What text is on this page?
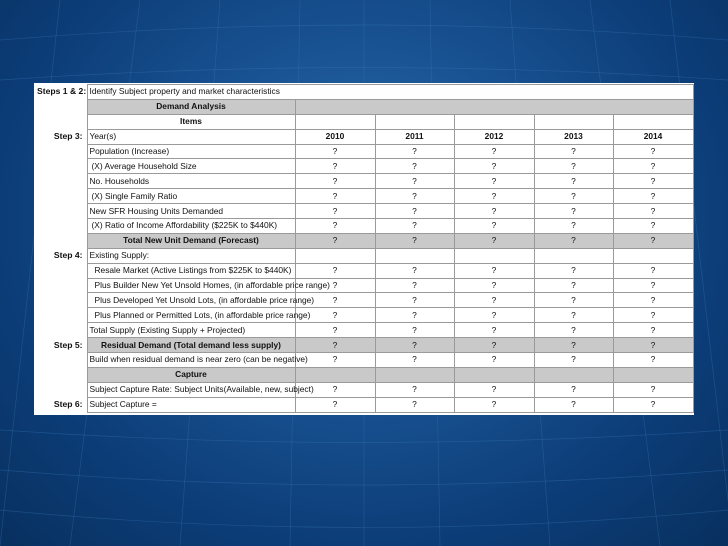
Steps 1 & 2:	Identify Subject property and market characteristics					
	Demand Analysis					
	Items					
Step 3:	Year(s)	2010	2011	2012	2013	2014
	Population (Increase)	?	?	?	?	?
	(X) Average Household Size	?	?	?	?	?
	No. Households	?	?	?	?	?
	(X) Single Family Ratio	?	?	?	?	?
	New SFR Housing Units Demanded	?	?	?	?	?
	(X) Ratio of Income Affordability ($225K to $440K)	?	?	?	?	?
	Total New Unit Demand (Forecast)	?	?	?	?	?
Step 4:	Existing Supply:					
	Resale Market (Active Listings from $225K to $440K)	?	?	?	?	?
	Plus Builder New Yet Unsold Homes, (in affordable price range)	?	?	?	?	?
	Plus Developed Yet Unsold Lots, (in affordable price range)	?	?	?	?	?
	Plus Planned or Permitted Lots, (in affordable price range)	?	?	?	?	?
	Total Supply (Existing Supply + Projected)	?	?	?	?	?
Step 5:	Residual Demand (Total demand less supply)	?	?	?	?	?
	Build when residual demand is near zero (can be negative)	?	?	?	?	?
	Capture					
	Subject Capture Rate: Subject Units(Available, new, subject)	?	?	?	?	?
Step 6:	Subject Capture =	?	?	?	?	?
